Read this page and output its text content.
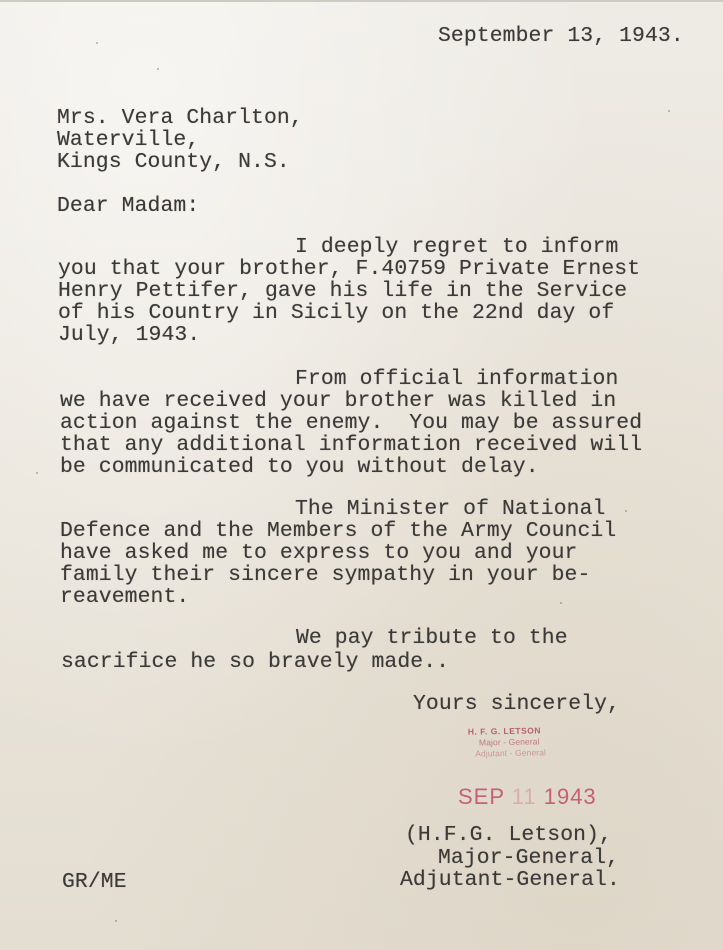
September 13, 1943.
Mrs. Vera Charlton,
Waterville,
Kings County, N.S.
Dear Madam:
I deeply regret to inform
you that your brother, F.40759 Private Ernest
Henry Pettifer, gave his life in the Service
of his Country in Sicily on the 22nd day of
July, 1943.
From official information
we have received your brother was killed in
action against the enemy.  You may be assured
that any additional information received will
be communicated to you without delay.
The Minister of National
Defence and the Members of the Army Council
have asked me to express to you and your
family their sincere sympathy in your be-
reavement.
We pay tribute to the
sacrifice he so bravely made..
Yours sincerely,
H. F. G. LETSON
Major - General
Adjutant - General
SEP 11 1943
(H.F.G. Letson),
Major-General,
Adjutant-General.
GR/ME
